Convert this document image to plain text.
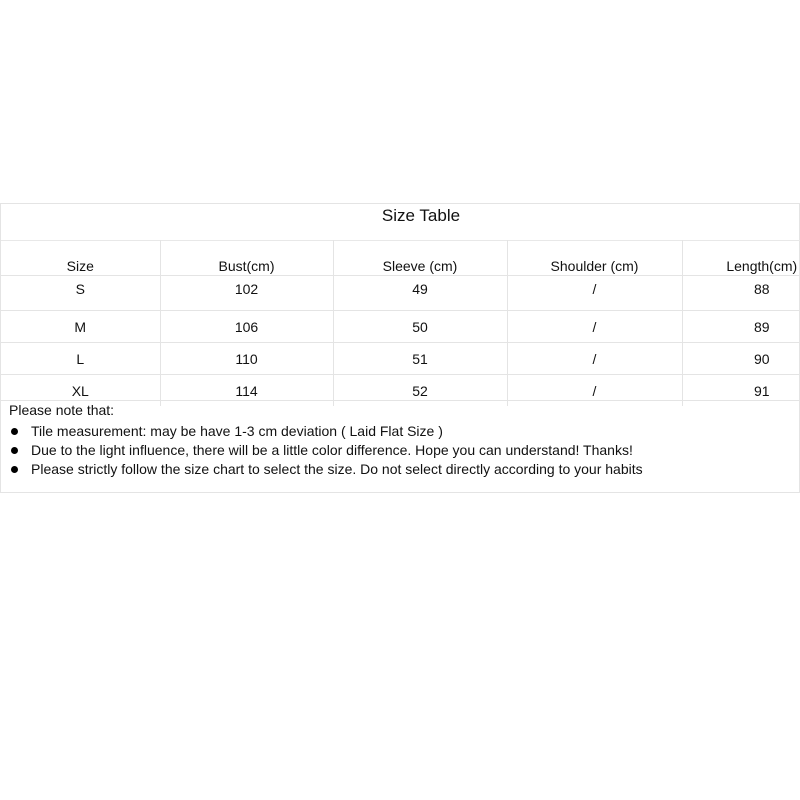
Size Table
Size	Bust(cm)	Sleeve (cm)	Shoulder (cm)	Length(cm)
S	102	49	/	88
M	106	50	/	89
L	110	51	/	90
XL	114	52	/	91
Please note that:
Tile measurement: may be have 1-3 cm deviation ( Laid Flat Size )
Due to the light influence, there will be a little color difference. Hope you can understand! Thanks!
Please strictly follow the size chart to select the size. Do not select directly according to your habits
